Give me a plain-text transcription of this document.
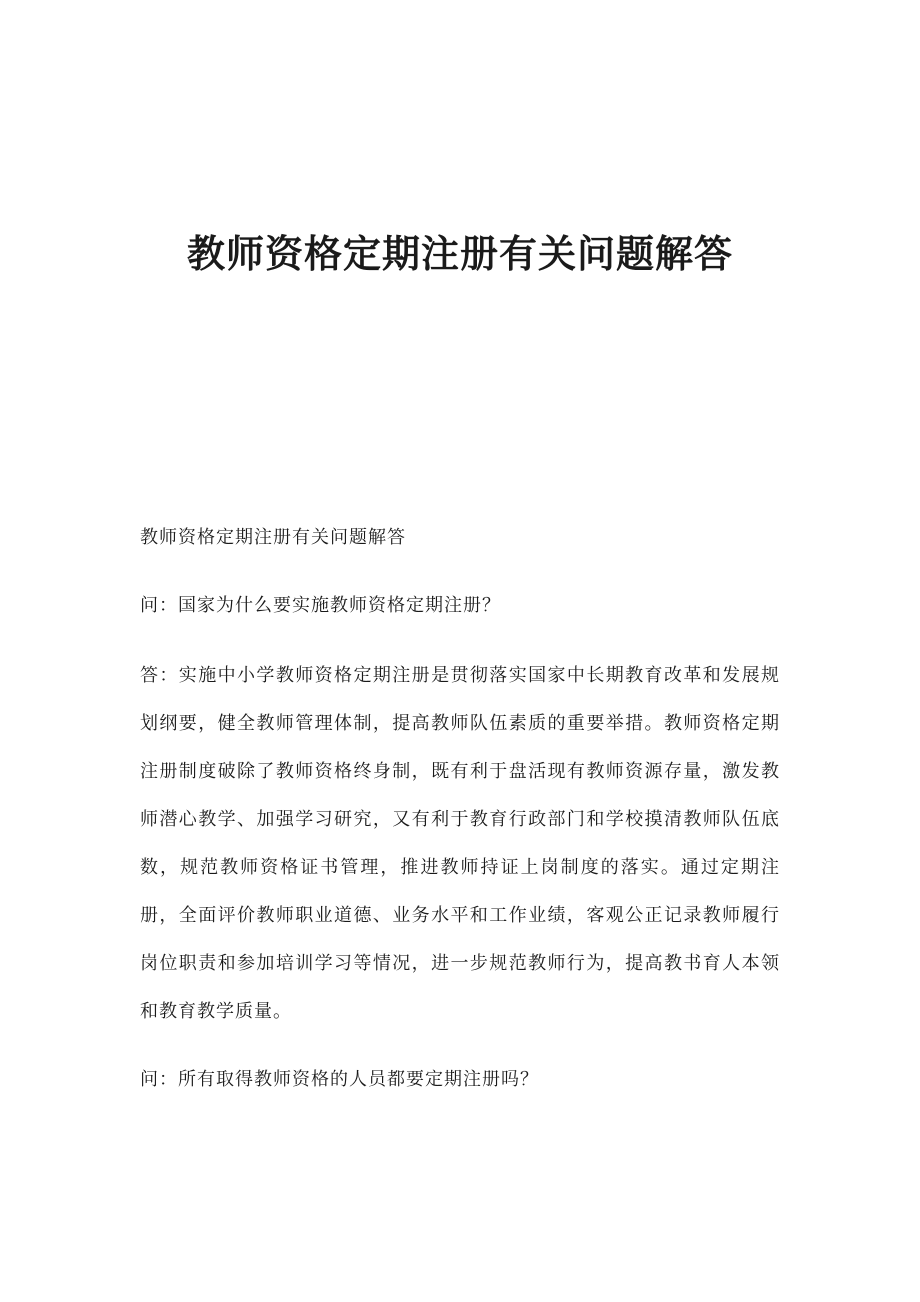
教师资格定期注册有关问题解答

教师资格定期注册有关问题解答

问：国家为什么要实施教师资格定期注册？

答：实施中小学教师资格定期注册是贯彻落实国家中长期教育改革和发展规划纲要，健全教师管理体制，提高教师队伍素质的重要举措。教师资格定期注册制度破除了教师资格终身制，既有利于盘活现有教师资源存量，激发教师潜心教学、加强学习研究，又有利于教育行政部门和学校摸清教师队伍底数，规范教师资格证书管理，推进教师持证上岗制度的落实。通过定期注册，全面评价教师职业道德、业务水平和工作业绩，客观公正记录教师履行岗位职责和参加培训学习等情况，进一步规范教师行为，提高教书育人本领和教育教学质量。

问：所有取得教师资格的人员都要定期注册吗？
